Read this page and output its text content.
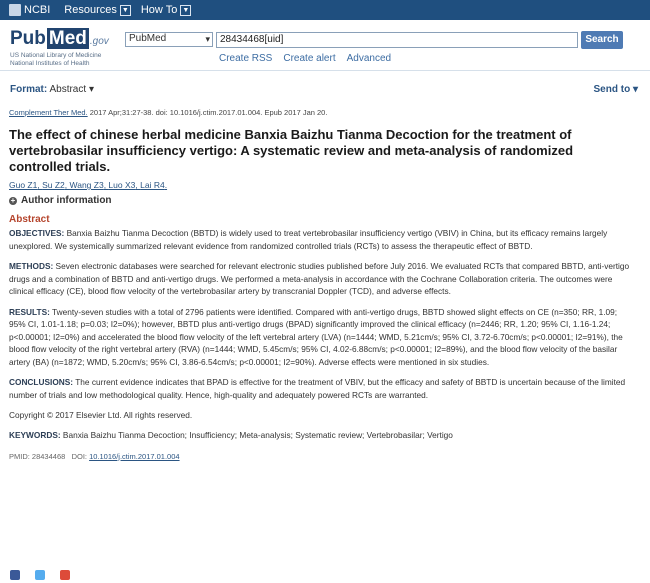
NCBI Resources ▼ How To ▼
Pub Med .gov
US National Library of Medicine
National Institutes of Health
PubMed	▾	28434468[uid]	Search
Create RSS Create alert Advanced
Format: Abstract ▾	Send to ▾
Complement Ther Med. 2017 Apr;31:27-38. doi: 10.1016/j.ctim.2017.01.004. Epub 2017 Jan 20.
The effect of chinese herbal medicine Banxia Baizhu Tianma Decoction for the treatment of vertebrobasilar insufficiency vertigo: A systematic review and meta-analysis of randomized controlled trials.
Guo Z1, Su Z2, Wang Z3, Luo X3, Lai R4.
+ Author information
Abstract

OBJECTIVES: Banxia Baizhu Tianma Decoction (BBTD) is widely used to treat vertebrobasilar insufficiency vertigo (VBIV) in China, but its efficacy remains largely unexplored. We systemically summarized relevant evidence from randomized controlled trials (RCTs) to assess the therapeutic effect of BBTD.

METHODS: Seven electronic databases were searched for relevant electronic studies published before July 2016. We evaluated RCTs that compared BBTD, anti-vertigo drugs and a combination of BBTD and anti-vertigo drugs. We performed a meta-analysis in accordance with the Cochrane Collaboration criteria. The outcomes were clinical efficacy (CE), blood flow velocity of the vertebrobasilar artery by transcranial Doppler (TCD), and adverse effects.

RESULTS: Twenty-seven studies with a total of 2796 patients were identified. Compared with anti-vertigo drugs, BBTD showed slight effects on CE (n=350; RR, 1.09; 95% CI, 1.01-1.18; p=0.03; I2=0%); however, BBTD plus anti-vertigo drugs (BPAD) significantly improved the clinical efficacy (n=2446; RR, 1.20; 95% CI, 1.16-1.24; p<0.00001; I2=0%) and accelerated the blood flow velocity of the left vertebral artery (LVA) (n=1444; WMD, 5.21cm/s; 95% CI, 3.72-6.70cm/s; p<0.00001; I2=91%), the blood flow velocity of the right vertebral artery (RVA) (n=1444; WMD, 5.45cm/s; 95% CI, 4.02-6.88cm/s; p<0.00001; I2=89%), and the blood flow velocity of the basilar artery (BA) (n=1872; WMD, 5.20cm/s; 95% CI, 3.86-6.54cm/s; p<0.00001; I2=90%). Adverse effects were mentioned in six studies.

CONCLUSIONS: The current evidence indicates that BPAD is effective for the treatment of VBIV, but the efficacy and safety of BBTD is uncertain because of the limited number of trials and low methodological quality. Hence, high-quality and adequately powered RCTs are warranted.

Copyright © 2017 Elsevier Ltd. All rights reserved.

KEYWORDS: Banxia Baizhu Tianma Decoction; Insufficiency; Meta-analysis; Systematic review; Vertebrobasilar; Vertigo
PMID: 28434468 DOI: 10.1016/j.ctim.2017.01.004
